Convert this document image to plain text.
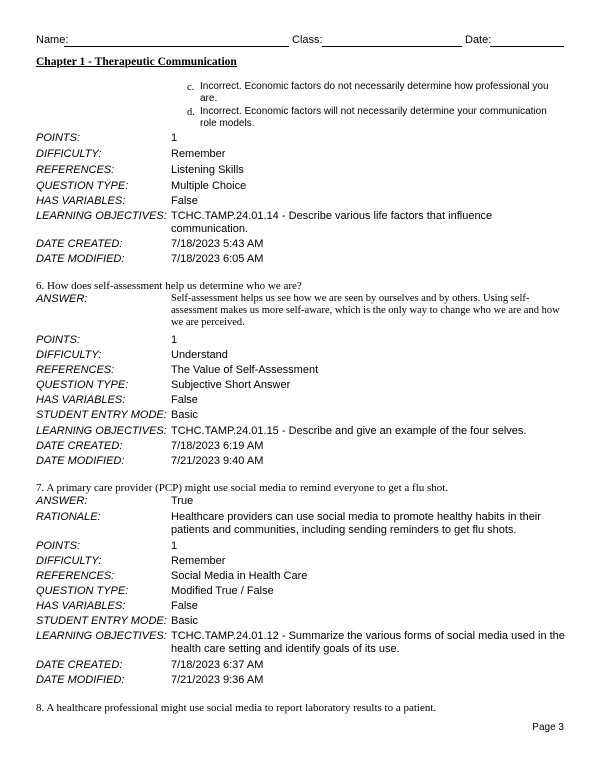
Name:	Class:	Date:
Chapter 1 - Therapeutic Communication
c. Incorrect. Economic factors do not necessarily determine how professional you are.
d. Incorrect. Economic factors will not necessarily determine your communication role models.
POINTS:	1
DIFFICULTY:	Remember
REFERENCES:	Listening Skills
QUESTION TYPE:	Multiple Choice
HAS VARIABLES:	False
LEARNING OBJECTIVES: TCHC.TAMP.24.01.14 - Describe various life factors that influence communication.
DATE CREATED:	7/18/2023 5:43 AM
DATE MODIFIED:	7/18/2023 6:05 AM
6. How does self-assessment help us determine who we are?
ANSWER:	Self-assessment helps us see how we are seen by ourselves and by others. Using self-assessment makes us more self-aware, which is the only way to change who we are and how we are perceived.
POINTS:	1
DIFFICULTY:	Understand
REFERENCES:	The Value of Self-Assessment
QUESTION TYPE:	Subjective Short Answer
HAS VARIABLES:	False
STUDENT ENTRY MODE: Basic
LEARNING OBJECTIVES: TCHC.TAMP.24.01.15 - Describe and give an example of the four selves.
DATE CREATED:	7/18/2023 6:19 AM
DATE MODIFIED:	7/21/2023 9:40 AM
7. A primary care provider (PCP) might use social media to remind everyone to get a flu shot.
ANSWER:	True
RATIONALE:	Healthcare providers can use social media to promote healthy habits in their patients and communities, including sending reminders to get flu shots.
POINTS:	1
DIFFICULTY:	Remember
REFERENCES:	Social Media in Health Care
QUESTION TYPE:	Modified True / False
HAS VARIABLES:	False
STUDENT ENTRY MODE: Basic
LEARNING OBJECTIVES: TCHC.TAMP.24.01.12 - Summarize the various forms of social media used in the health care setting and identify goals of its use.
DATE CREATED:	7/18/2023 6:37 AM
DATE MODIFIED:	7/21/2023 9:36 AM
8. A healthcare professional might use social media to report laboratory results to a patient.
Page 3
